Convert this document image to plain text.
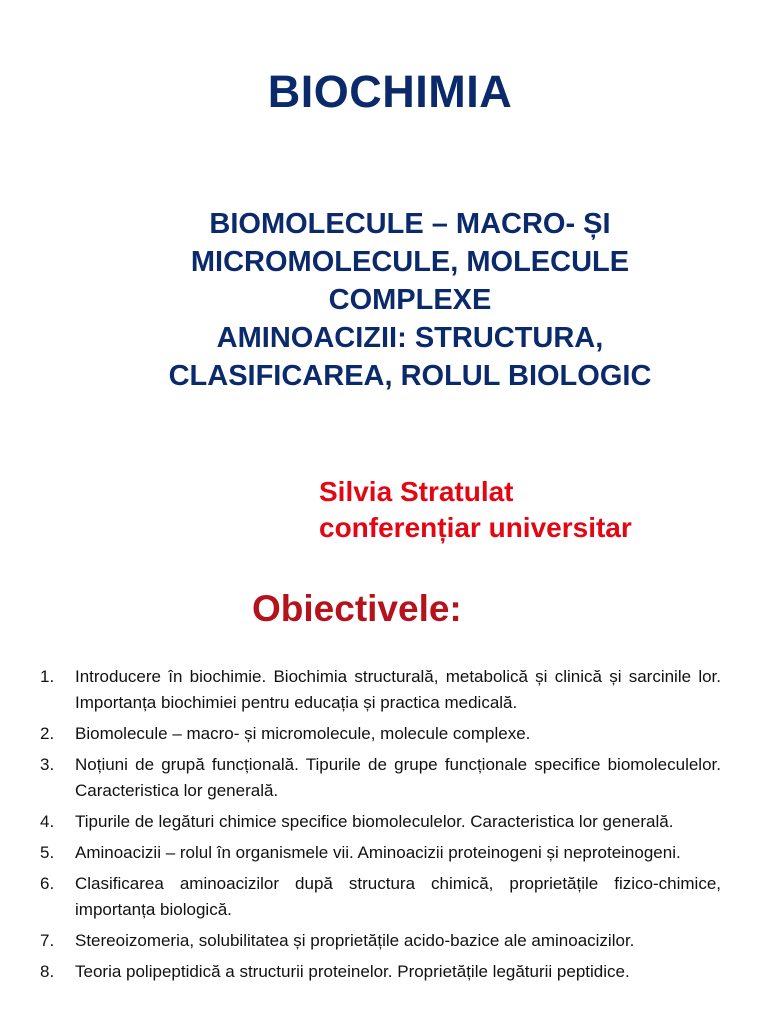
BIOCHIMIA
BIOMOLECULE – MACRO- ȘI
MICROMOLECULE, MOLECULE
COMPLEXE
AMINOACIZII: STRUCTURA,
CLASIFICAREA, ROLUL BIOLOGIC
Silvia Stratulat
conferențiar universitar
Obiectivele:
1.	Introducere în biochimie. Biochimia structurală, metabolică și clinică și sarcinile lor. Importanța biochimiei pentru educația și practica medicală.
2.	Biomolecule – macro- și micromolecule, molecule complexe.
3.	Noțiuni de grupă funcțională. Tipurile de grupe funcționale specifice biomoleculelor. Caracteristica lor generală.
4.	Tipurile de legături chimice specifice biomoleculelor. Caracteristica lor generală.
5.	Aminoacizii – rolul în organismele vii. Aminoacizii proteinogeni și neproteinogeni.
6.	Clasificarea aminoacizilor după structura chimică, proprietățile fizico-chimice, importanța biologică.
7.	Stereoizomeria, solubilitatea și proprietățile acido-bazice ale aminoacizilor.
8.	Teoria polipeptidică a structurii proteinelor. Proprietățile legăturii peptidice.
